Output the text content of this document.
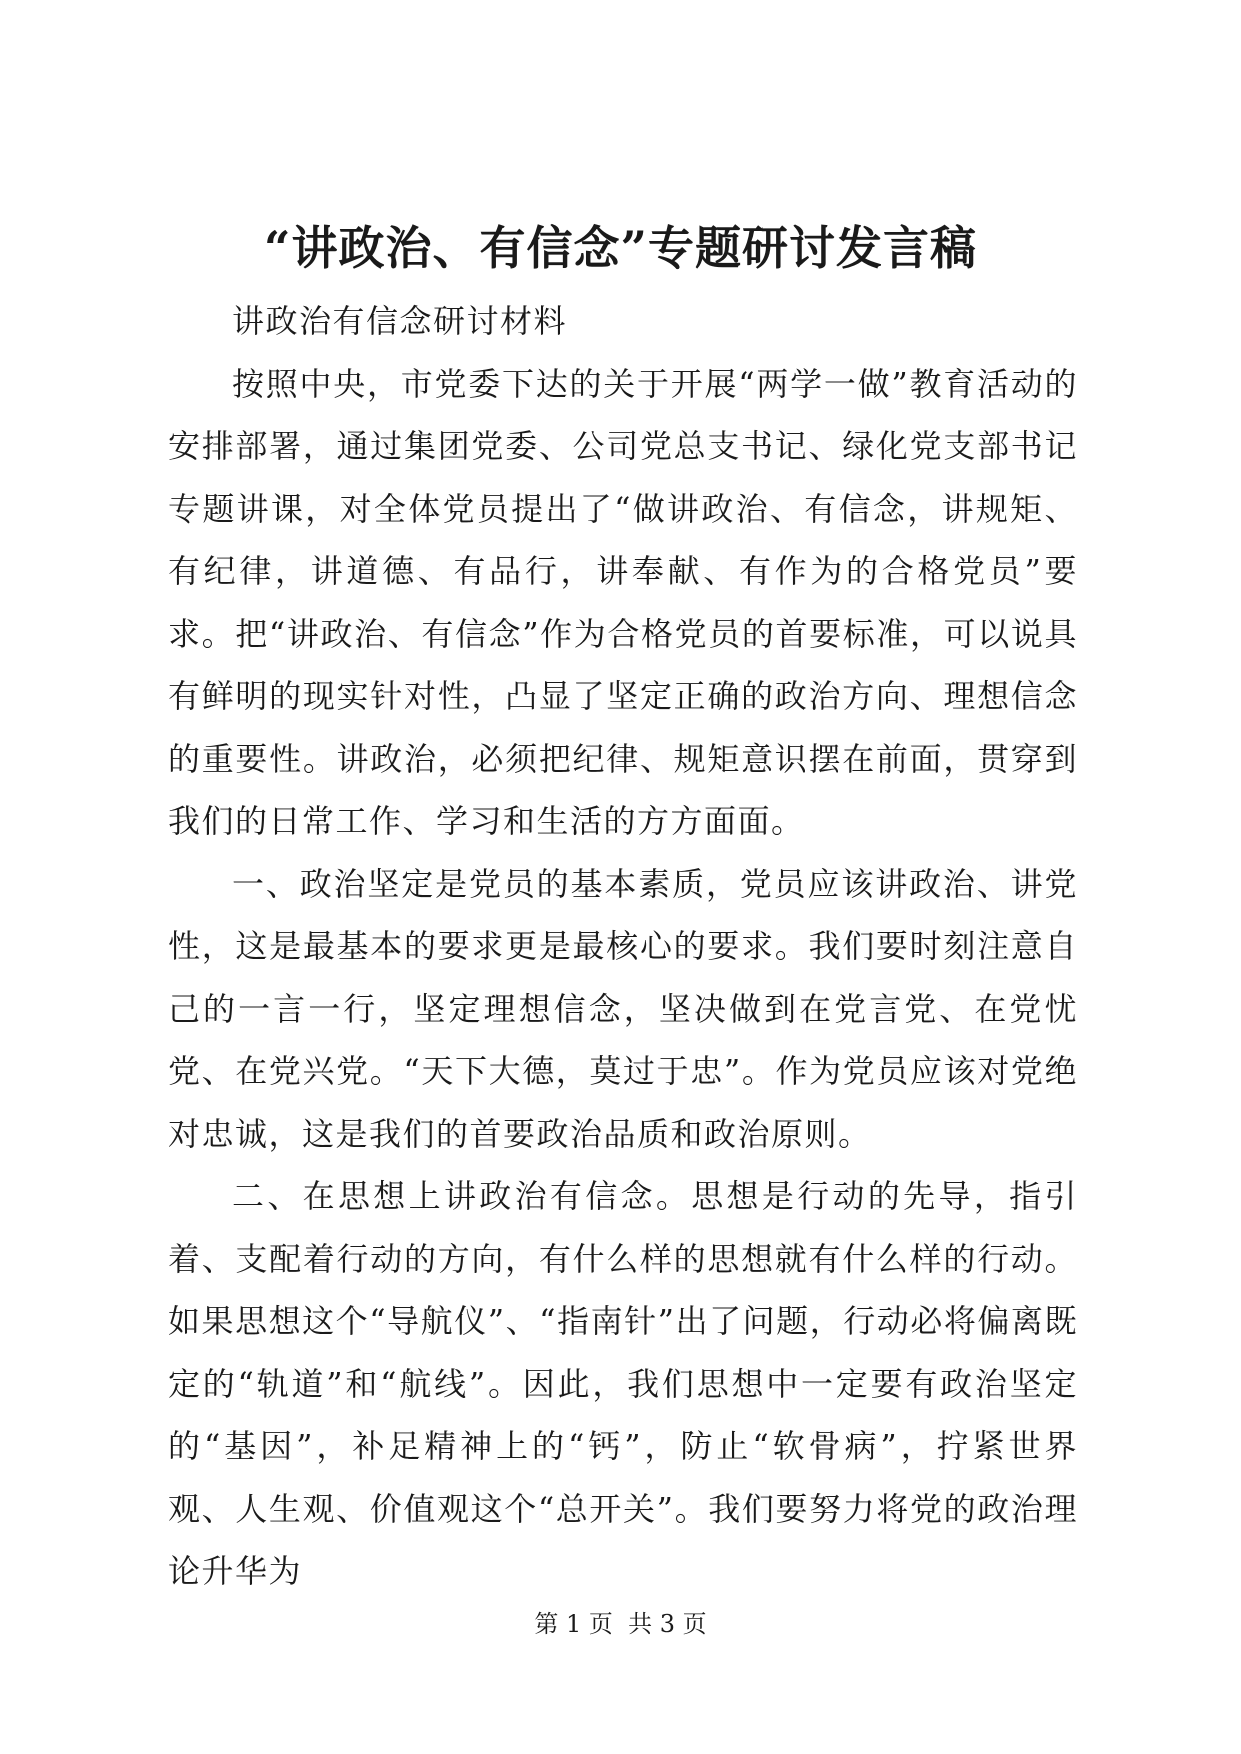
“讲政治、有信念”专题研讨发言稿

讲政治有信念研讨材料

按照中央，市党委下达的关于开展“两学一做”教育活动的安排部署，通过集团党委、公司党总支书记、绿化党支部书记专题讲课，对全体党员提出了“做讲政治、有信念，讲规矩、有纪律，讲道德、有品行，讲奉献、有作为的合格党员”要求。把“讲政治、有信念”作为合格党员的首要标准，可以说具有鲜明的现实针对性，凸显了坚定正确的政治方向、理想信念的重要性。讲政治，必须把纪律、规矩意识摆在前面，贯穿到我们的日常工作、学习和生活的方方面面。

一、政治坚定是党员的基本素质，党员应该讲政治、讲党性，这是最基本的要求更是最核心的要求。我们要时刻注意自己的一言一行，坚定理想信念，坚决做到在党言党、在党忧党、在党兴党。“天下大德，莫过于忠”。作为党员应该对党绝对忠诚，这是我们的首要政治品质和政治原则。

二、在思想上讲政治有信念。思想是行动的先导，指引着、支配着行动的方向，有什么样的思想就有什么样的行动。如果思想这个“导航仪”、“指南针”出了问题，行动必将偏离既定的“轨道”和“航线”。因此，我们思想中一定要有政治坚定的“基因”，补足精神上的“钙”，防止“软骨病”，拧紧世界观、人生观、价值观这个“总开关”。我们要努力将党的政治理论升华为

第 1 页  共 3 页
